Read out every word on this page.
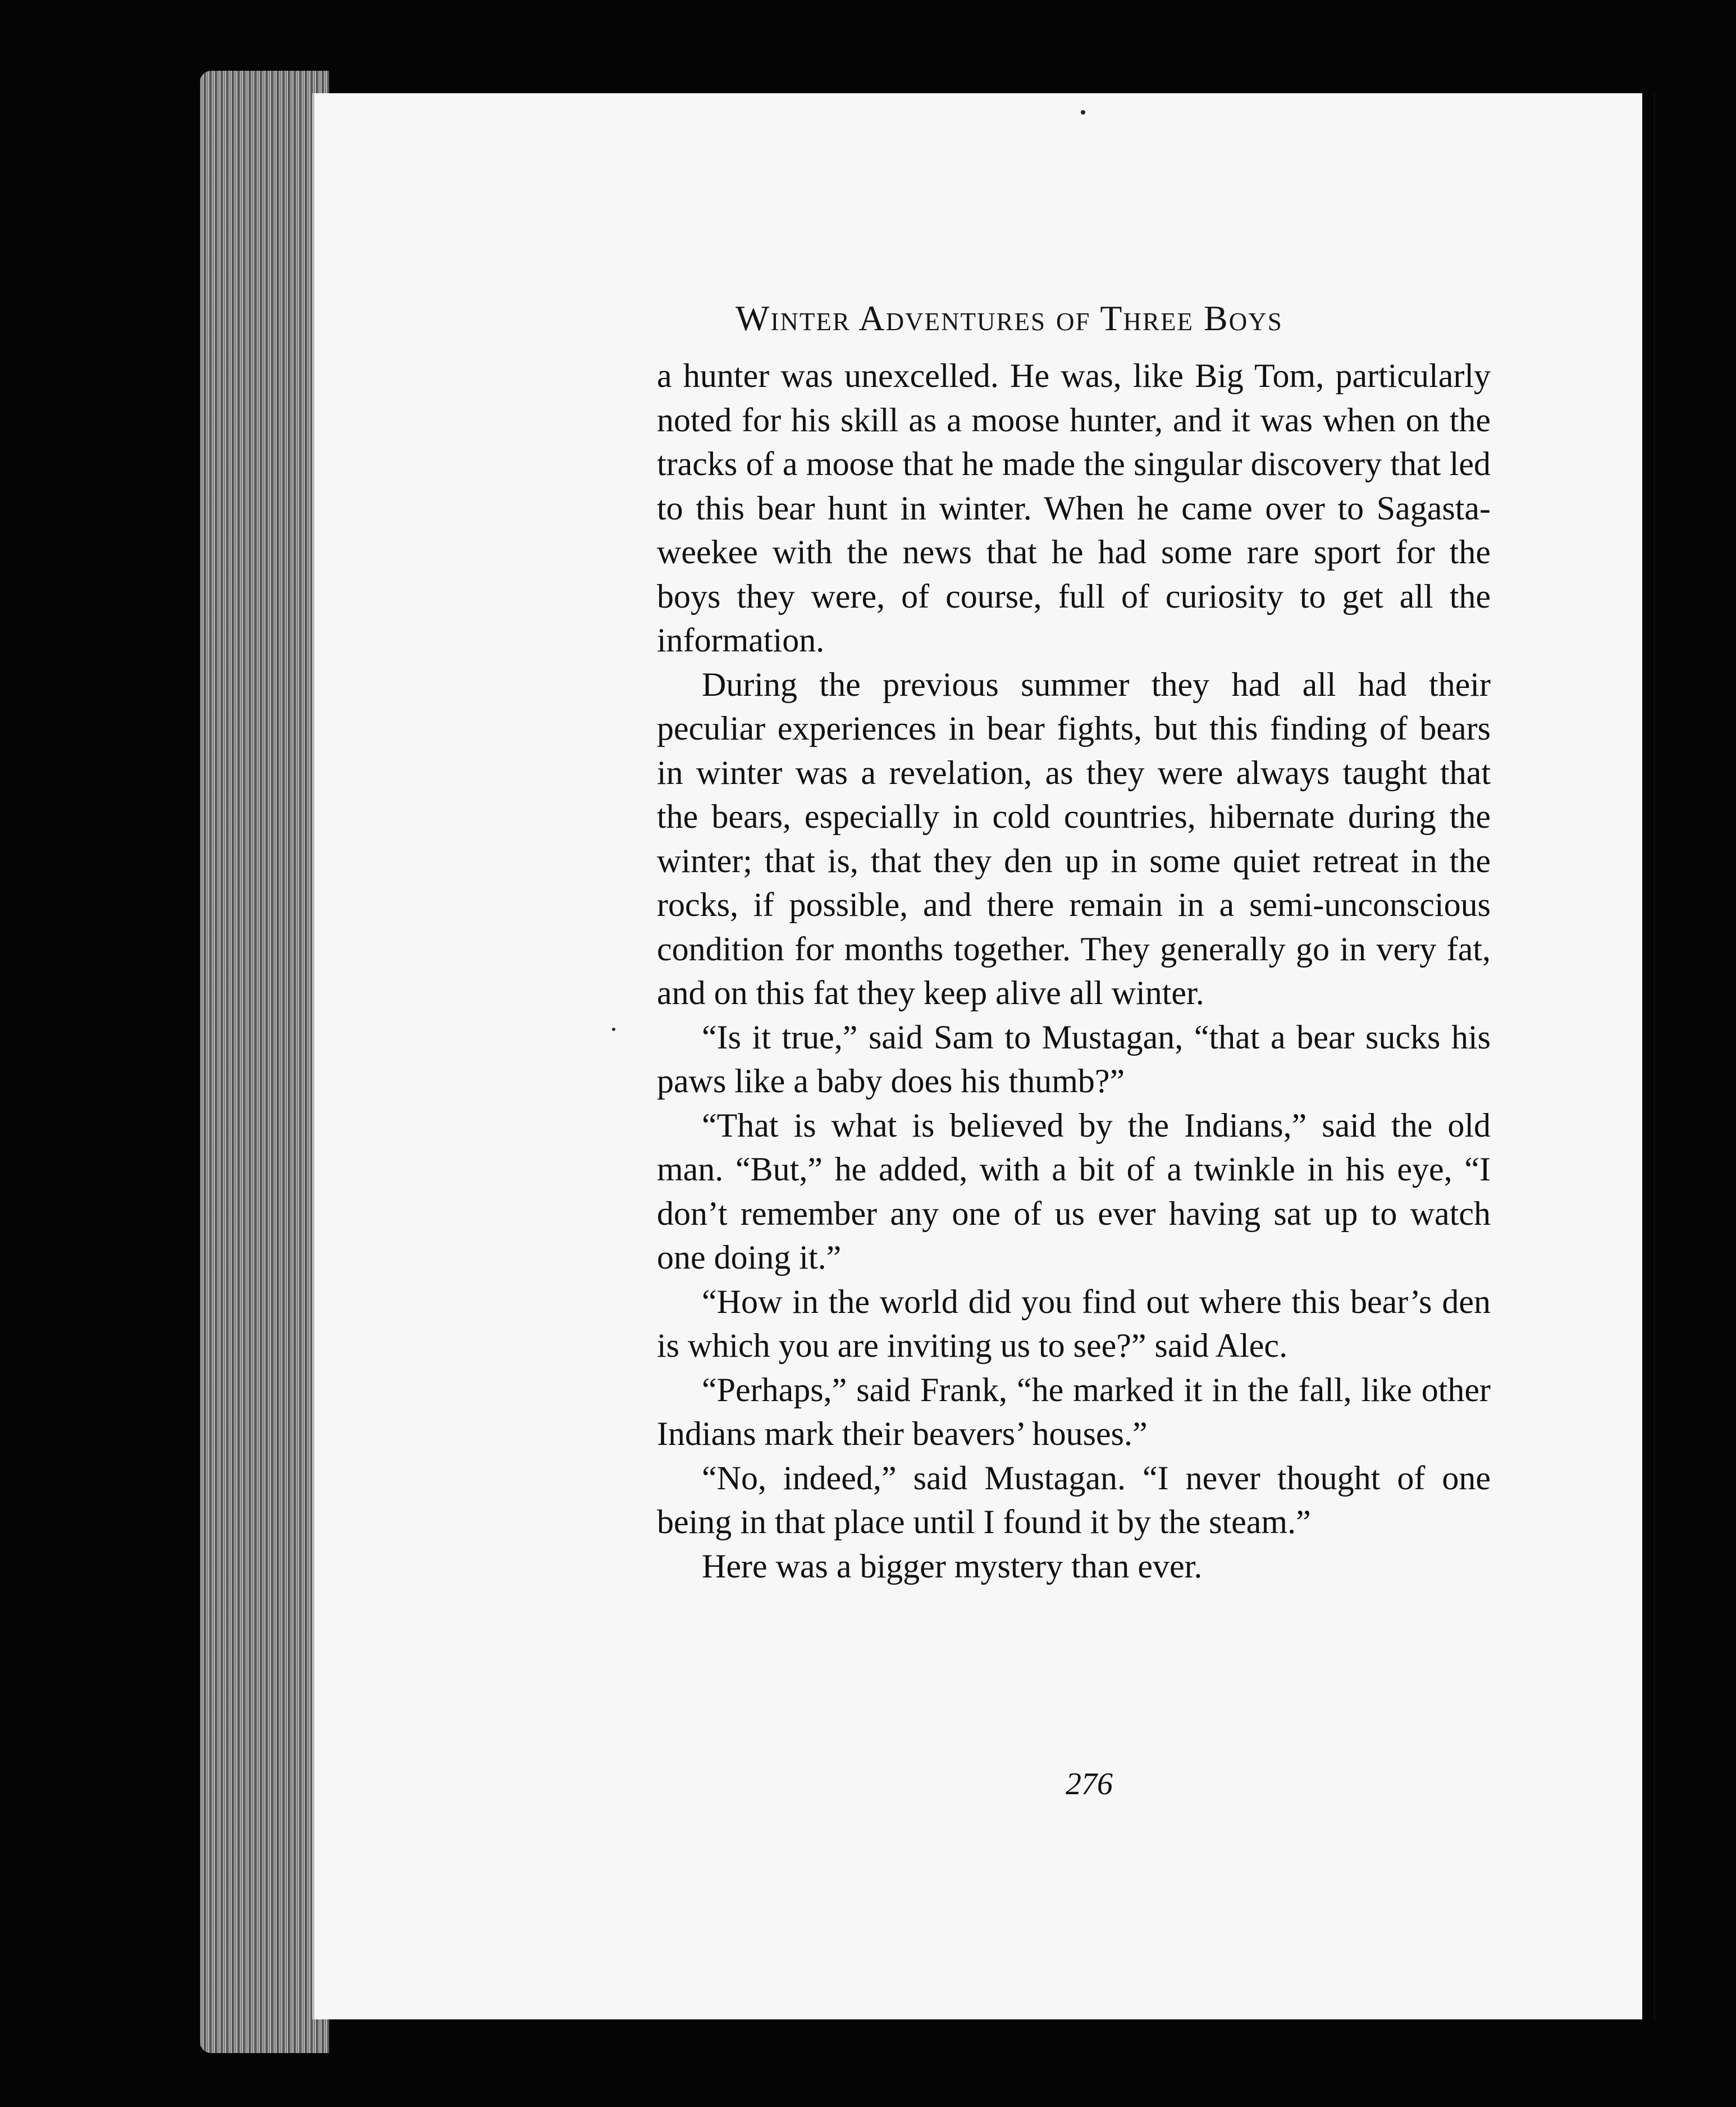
Winter Adventures of Three Boys

a hunter was unexcelled. He was, like Big Tom, particularly noted for his skill as a moose hunter, and it was when on the tracks of a moose that he made the singular discovery that led to this bear hunt in winter. When he came over to Sagasta-weekee with the news that he had some rare sport for the boys they were, of course, full of curiosity to get all the information.

During the previous summer they had all had their peculiar experiences in bear fights, but this finding of bears in winter was a revelation, as they were always taught that the bears, especially in cold countries, hibernate during the winter; that is, that they den up in some quiet retreat in the rocks, if possible, and there remain in a semi-unconscious condition for months together. They generally go in very fat, and on this fat they keep alive all winter.

“Is it true,” said Sam to Mustagan, “that a bear sucks his paws like a baby does his thumb?”

“That is what is believed by the Indians,” said the old man. “But,” he added, with a bit of a twinkle in his eye, “I don’t remember any one of us ever having sat up to watch one doing it.”

“How in the world did you find out where this bear’s den is which you are inviting us to see?” said Alec.

“Perhaps,” said Frank, “he marked it in the fall, like other Indians mark their beavers’ houses.”

“No, indeed,” said Mustagan. “I never thought of one being in that place until I found it by the steam.”

Here was a bigger mystery than ever.

276
